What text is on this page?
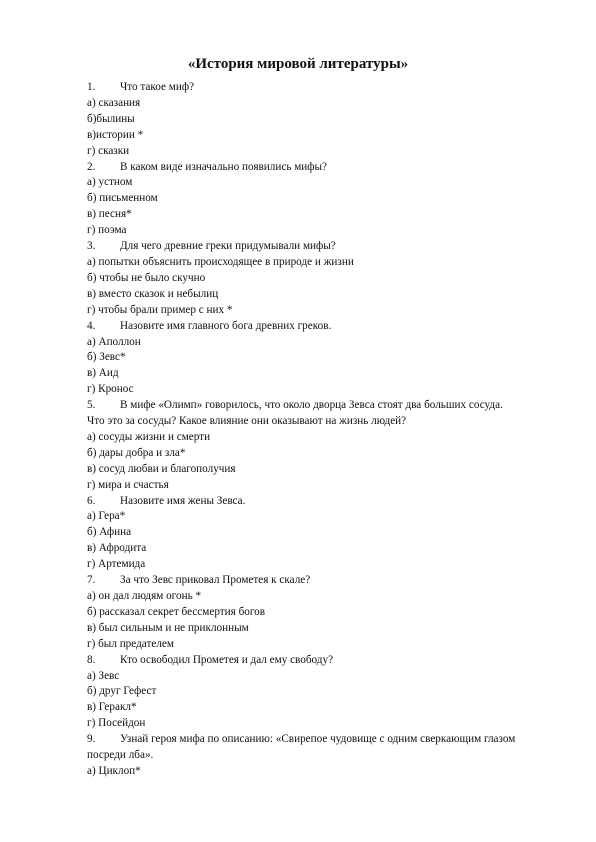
«История мировой литературы»
1. Что такое миф?
а) сказания
б)былины
в)истории *
г) сказки
2. В каком виде изначально появились мифы?
а) устном
б) письменном
в) песня*
г) поэма
3. Для чего древние греки придумывали мифы?
а) попытки объяснить происходящее в природе и жизни
б) чтобы не было скучно
в) вместо сказок и небылиц
г) чтобы брали пример с них *
4. Назовите имя главного бога древних греков.
а) Аполлон
б) Зевс*
в) Аид
г) Кронос
5. В мифе «Олимп» говорилось, что около дворца Зевса стоят два больших сосуда.
Что это за сосуды? Какое влияние они оказывают на жизнь людей?
а) сосуды жизни и смерти
б) дары добра и зла*
в) сосуд любви и благополучия
г) мира и счастья
6. Назовите имя жены Зевса.
а) Гера*
б) Афина
в) Афродита
г) Артемида
7. За что Зевс приковал Прометея к скале?
а) он дал людям огонь *
б) рассказал секрет бессмертия богов
в) был сильным и не приклонным
г) был предателем
8. Кто освободил Прометея и дал ему свободу?
а) Зевс
б) друг Гефест
в) Геракл*
г) Посейдон
9. Узнай героя мифа по описанию: «Свирепое чудовище с одним сверкающим глазом
посреди лба».
а) Циклоп*
